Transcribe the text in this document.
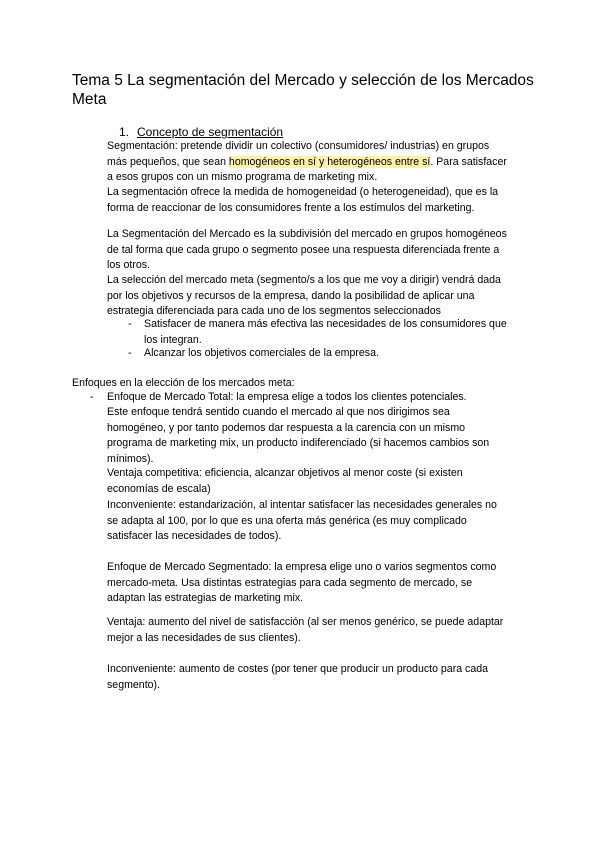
Tema 5 La segmentación del Mercado y selección de los Mercados Meta
1. Concepto de segmentación

Segmentación: pretende dividir un colectivo (consumidores/ industrias) en grupos más pequeños, que sean homogéneos en sí y heterogéneos entre sí. Para satisfacer a esos grupos con un mismo programa de marketing mix.

La segmentación ofrece la medida de homogeneidad (o heterogeneidad), que es la forma de reaccionar de los consumidores frente a los estímulos del marketing.

La Segmentación del Mercado es la subdivisión del mercado en grupos homogéneos de tal forma que cada grupo o segmento posee una respuesta diferenciada frente a los otros.

La selección del mercado meta (segmento/s a los que me voy a dirigir) vendrá dada por los objetivos y recursos de la empresa, dando la posibilidad de aplicar una estrategia diferenciada para cada uno de los segmentos seleccionados

- Satisfacer de manera más efectiva las necesidades de los consumidores que los integran.

- Alcanzar los objetivos comerciales de la empresa.

Enfoques en la elección de los mercados meta:

- Enfoque de Mercado Total: la empresa elige a todos los clientes potenciales.

Este enfoque tendrá sentido cuando el mercado al que nos dirigimos sea homogéneo, y por tanto podemos dar respuesta a la carencia con un mismo programa de marketing mix, un producto indiferenciado (si hacemos cambios son mínimos).

Ventaja competitiva: eficiencia, alcanzar objetivos al menor coste (si existen economías de escala)

Inconveniente: estandarización, al intentar satisfacer las necesidades generales no se adapta al 100, por lo que es una oferta más genérica (es muy complicado satisfacer las necesidades de todos).

Enfoque de Mercado Segmentado: la empresa elige uno o varios segmentos como mercado-meta. Usa distintas estrategias para cada segmento de mercado, se adaptan las estrategias de marketing mix.

Ventaja: aumento del nivel de satisfacción (al ser menos genérico, se puede adaptar mejor a las necesidades de sus clientes).

Inconveniente: aumento de costes (por tener que producir un producto para cada segmento).
